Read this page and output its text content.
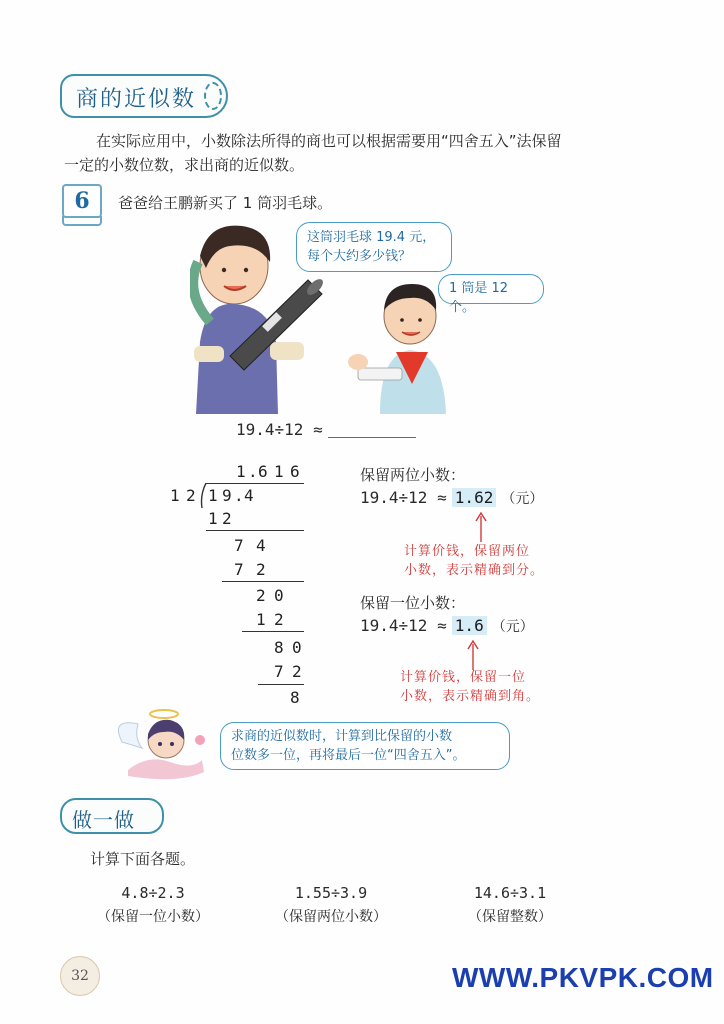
商的近似数
在实际应用中，小数除法所得的商也可以根据需要用“四舍五入”法保留
一定的小数位数，求出商的近似数。
6	爸爸给王鹏新买了 1 筒羽毛球。
这筒羽毛球 19.4 元，
每个大约多少钱？
1 筒是 12 个。
19.4÷12 ≈
1 . 6 1 6
1 2 1 9 . 4
1 2
7 4
7 2
2 0
1 2
8 0
7 2
8
保留两位小数：
19.4÷12 ≈ 1.62 （元）
计算价钱，保留两位
小数，表示精确到分。
保留一位小数：
19.4÷12 ≈ 1.6 （元）
计算价钱，保留一位
小数，表示精确到角。
求商的近似数时，计算到比保留的小数
位数多一位，再将最后一位“四舍五入”。
做一做
计算下面各题。
4.8÷2.3
（保留一位小数）
1.55÷3.9
（保留两位小数）
14.6÷3.1
（保留整数）
32	WWW.PKVPK.COM
